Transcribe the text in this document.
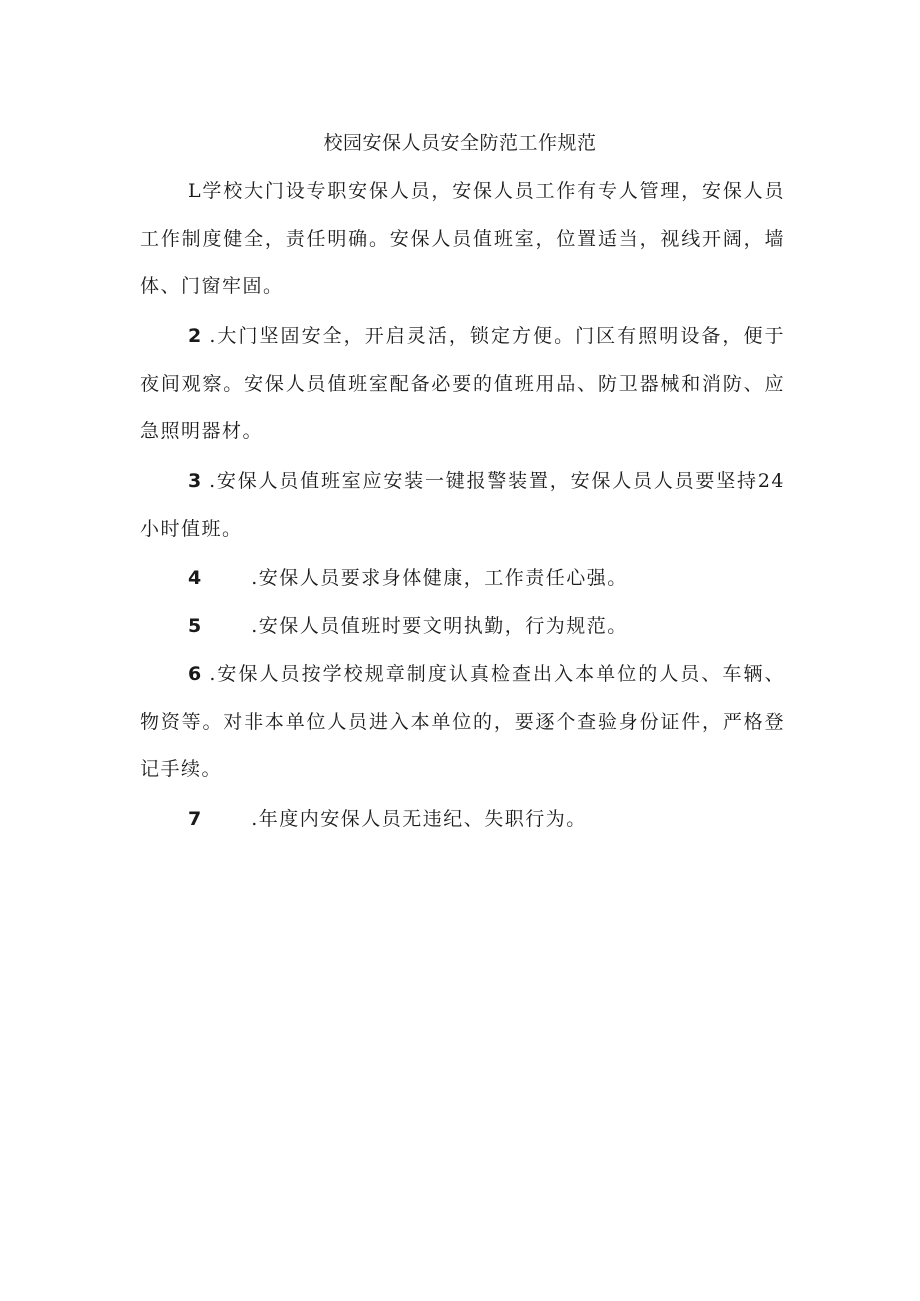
校园安保人员安全防范工作规范

L学校大门设专职安保人员，安保人员工作有专人管理，安保人员工作制度健全，责任明确。安保人员值班室，位置适当，视线开阔，墙体、门窗牢固。

2 .大门坚固安全，开启灵活，锁定方便。门区有照明设备，便于夜间观察。安保人员值班室配备必要的值班用品、防卫器械和消防、应急照明器材。

3 .安保人员值班室应安装一键报警装置，安保人员人员要坚持24小时值班。

4	.安保人员要求身体健康，工作责任心强。

5	.安保人员值班时要文明执勤，行为规范。

6 .安保人员按学校规章制度认真检查出入本单位的人员、车辆、物资等。对非本单位人员进入本单位的，要逐个查验身份证件，严格登记手续。

7	.年度内安保人员无违纪、失职行为。
